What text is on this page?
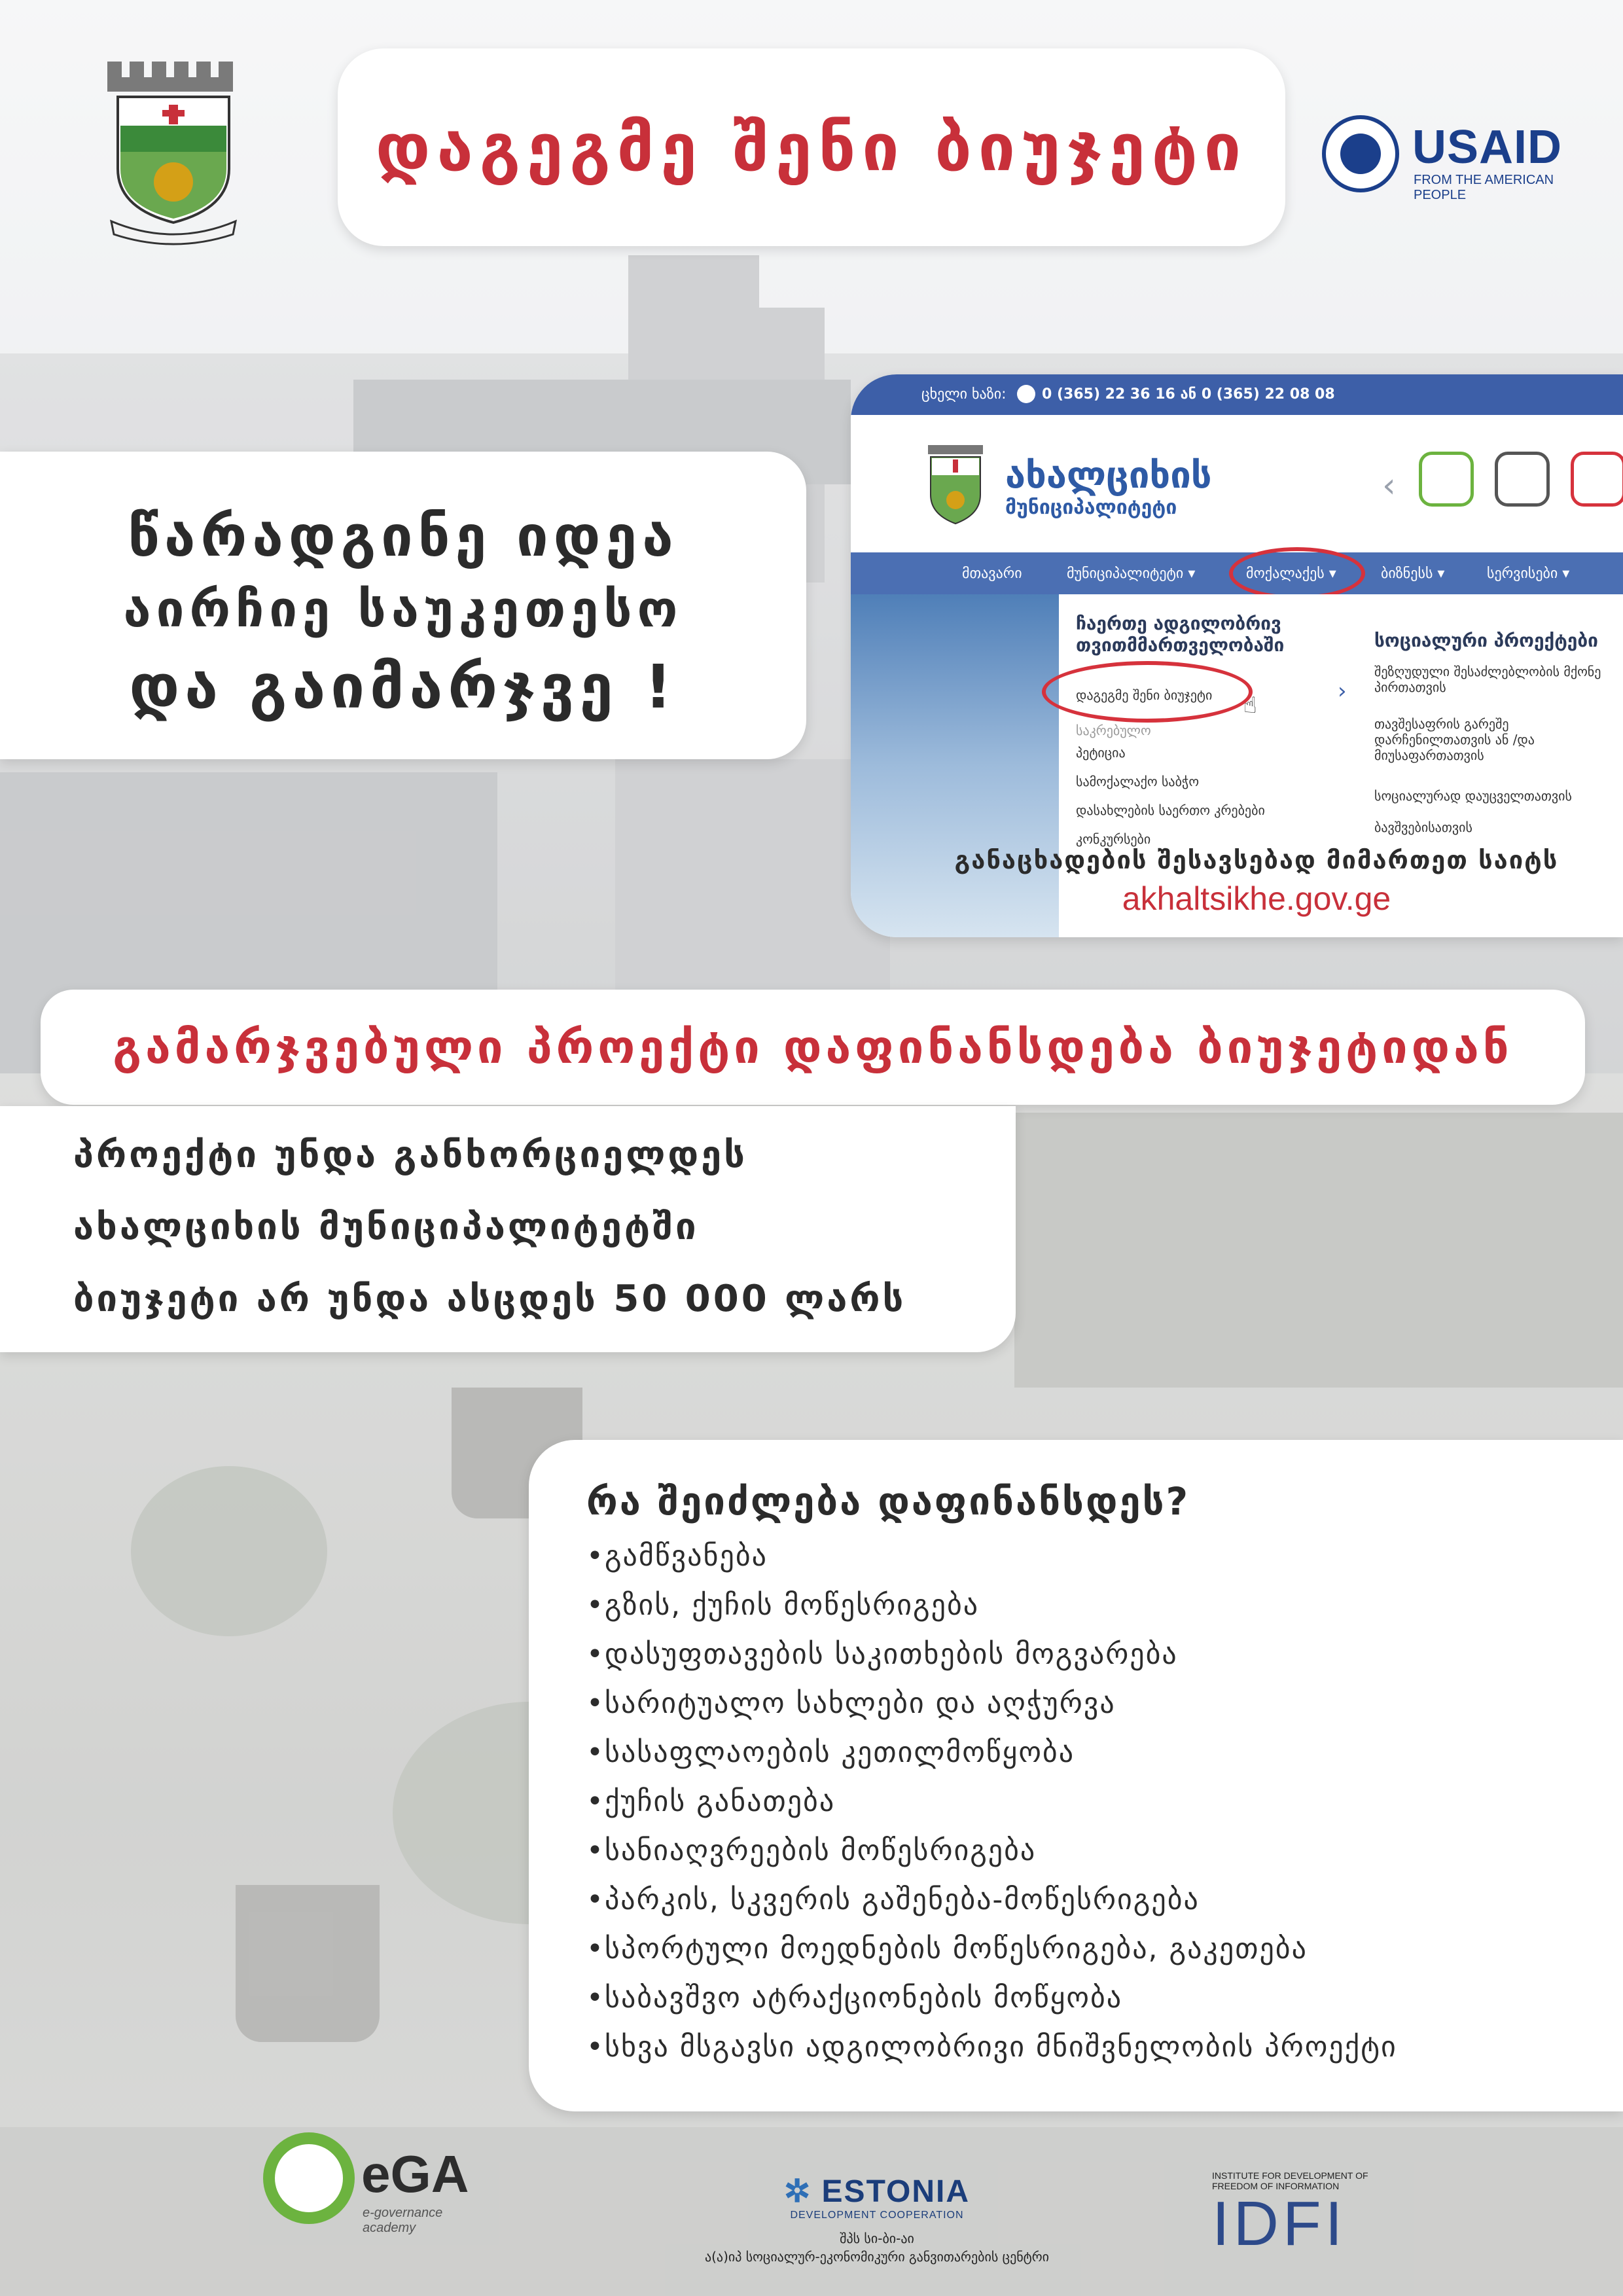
დაგეგმე შენი ბიუჯეტი	USAID
FROM THE AMERICAN PEOPLE
წარადგინე იდეა
აირჩიე საუკეთესო
და გაიმარჯვე !
ცხელი ხაზი: 0 (365) 22 36 16 ან 0 (365) 22 08 08
ახალციხის
მუნიციპალიტეტი
‹
მთავარი	მუნიციპალიტეტი ▾	მოქალაქეს ▾	ბიზნესს ▾	სერვისები ▾
ჩაერთე ადგილობრივ თვითმმართველობაში
დაგეგმე შენი ბიუჯეტი
საკრებულო
პეტიცია
სამოქალაქო საბჭო
დასახლების საერთო კრებები
კონკურსები
›
სოციალური პროექტები
შეზღუდული შესაძლებლობის მქონე პირთათვის
თავშესაფრის გარეშე დარჩენილთათვის ან /და მიუსაფართათვის
სოციალურად დაუცველთათვის
ბავშვებისათვის
☝
განაცხადების შესავსებად მიმართეთ საიტს
akhaltsikhe.gov.ge
გამარჯვებული პროექტი დაფინანსდება ბიუჯეტიდან
პროექტი უნდა განხორციელდეს
ახალციხის მუნიციპალიტეტში
ბიუჯეტი არ უნდა ასცდეს 50 000 ლარს
რა შეიძლება დაფინანსდეს?
•გამწვანება
•გზის, ქუჩის მოწესრიგება
•დასუფთავების საკითხების მოგვარება
•სარიტუალო სახლები და აღჭურვა
•სასაფლაოების კეთილმოწყობა
•ქუჩის განათება
•სანიაღვრეების მოწესრიგება
•პარკის, სკვერის გაშენება-მოწესრიგება
•სპორტული მოედნების მოწესრიგება, გაკეთება
•საბავშვო ატრაქციონების მოწყობა
•სხვა მსგავსი ადგილობრივი მნიშვნელობის პროექტი
eGA
e-governance academy
✲ ESTONIA
DEVELOPMENT COOPERATION
შპს სი-ბი-აი
ა(ა)იპ სოციალურ-ეკონომიკური განვითარების ცენტრი
INSTITUTE FOR DEVELOPMENT OF FREEDOM OF INFORMATION
IDFI
